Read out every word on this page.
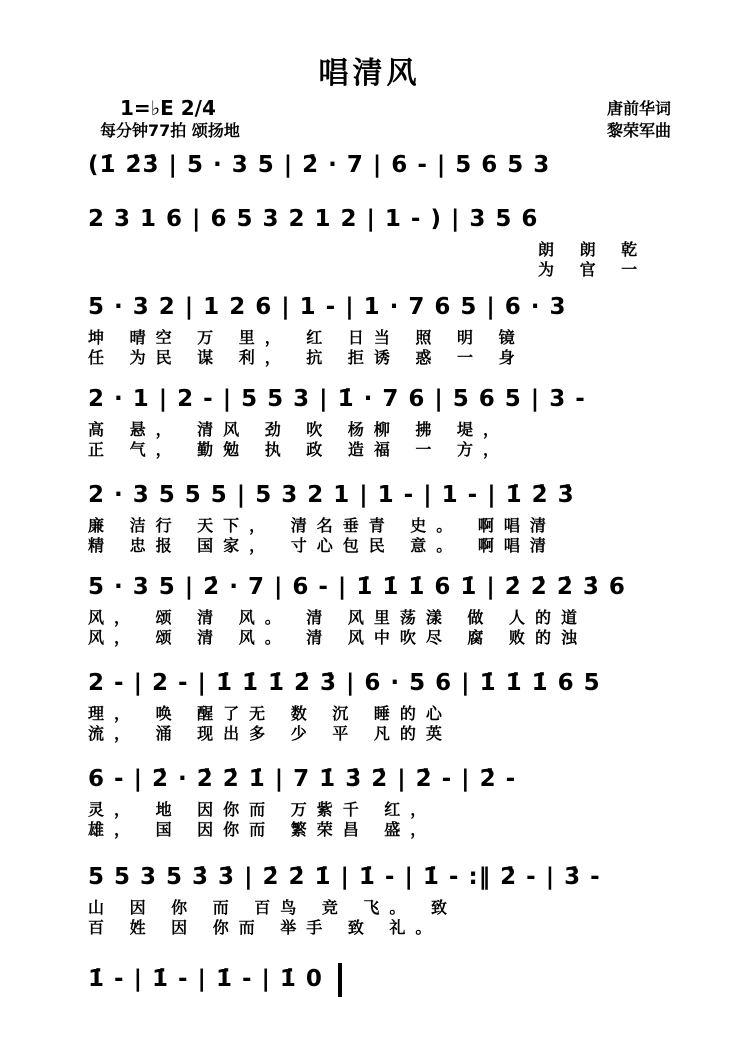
唱清风
1=♭E 2/4
每分钟77拍 颂扬地
唐前华词
黎荣军曲
(1̇ 2̇3̇ | 5 · 3 5 | 2̇ · 7 | 6 - | 5 6 5 3
2 3 1 6 | 6 5 3 2 1 2 | 1 - ) | 3 5 6
朗 朗 乾
为 官 一
5 · 3 2 | 1 2 6 | 1 - | 1 · 7 6 5 | 6 · 3
坤 晴空 万 里， 红 日当 照 明 镜
任 为民 谋 利， 抗 拒诱 惑 一 身
2 · 1 | 2 - | 5 5 3 | 1̇ · 7 6 | 5 6 5 | 3 -
高 悬， 清风 劲 吹 杨柳 拂 堤，
正 气， 勤勉 执 政 造福 一 方，
2 · 3 5 5 5 | 5 3 2 1 | 1 - | 1 - | 1̇ 2̇ 3̇
廉 洁行 天下， 清名垂青 史。 啊唱清
精 忠报 国家， 寸心包民 意。 啊唱清
5 · 3 5 | 2̇ · 7 | 6 - | 1̇ 1̇ 1̇ 6 1̇ | 2̇ 2̇ 2̇ 3̇ 6
风， 颂 清 风。 清 风里荡漾 做 人的道
风， 颂 清 风。 清 风中吹尽 腐 败的浊
2 - | 2 - | 1̇ 1̇ 1̇ 2̇ 3̇ | 6 · 5 6 | 1̇ 1̇ 1̇ 6 5
理， 唤 醒了无 数 沉 睡的心
流， 涌 现出多 少 平 凡的英
6 - | 2̇ · 2̇ 2̇ 1̇ | 7 1̇ 3̇ 2̇ | 2̇ - | 2̇ -
灵， 地 因你而 万紫千 红，
雄， 国 因你而 繁荣昌 盛，
5 5 3 5 3̇ 3̇ | 2̇ 2̇ 1̇ | 1̇ - | 1̇ - :‖ 2̇ - | 3̇ -
山 因 你 而 百鸟 竞 飞。 致
百 姓 因 你而 举手 致 礼。
1̇ - | 1̇ - | 1̇ - | 1̇ 0
